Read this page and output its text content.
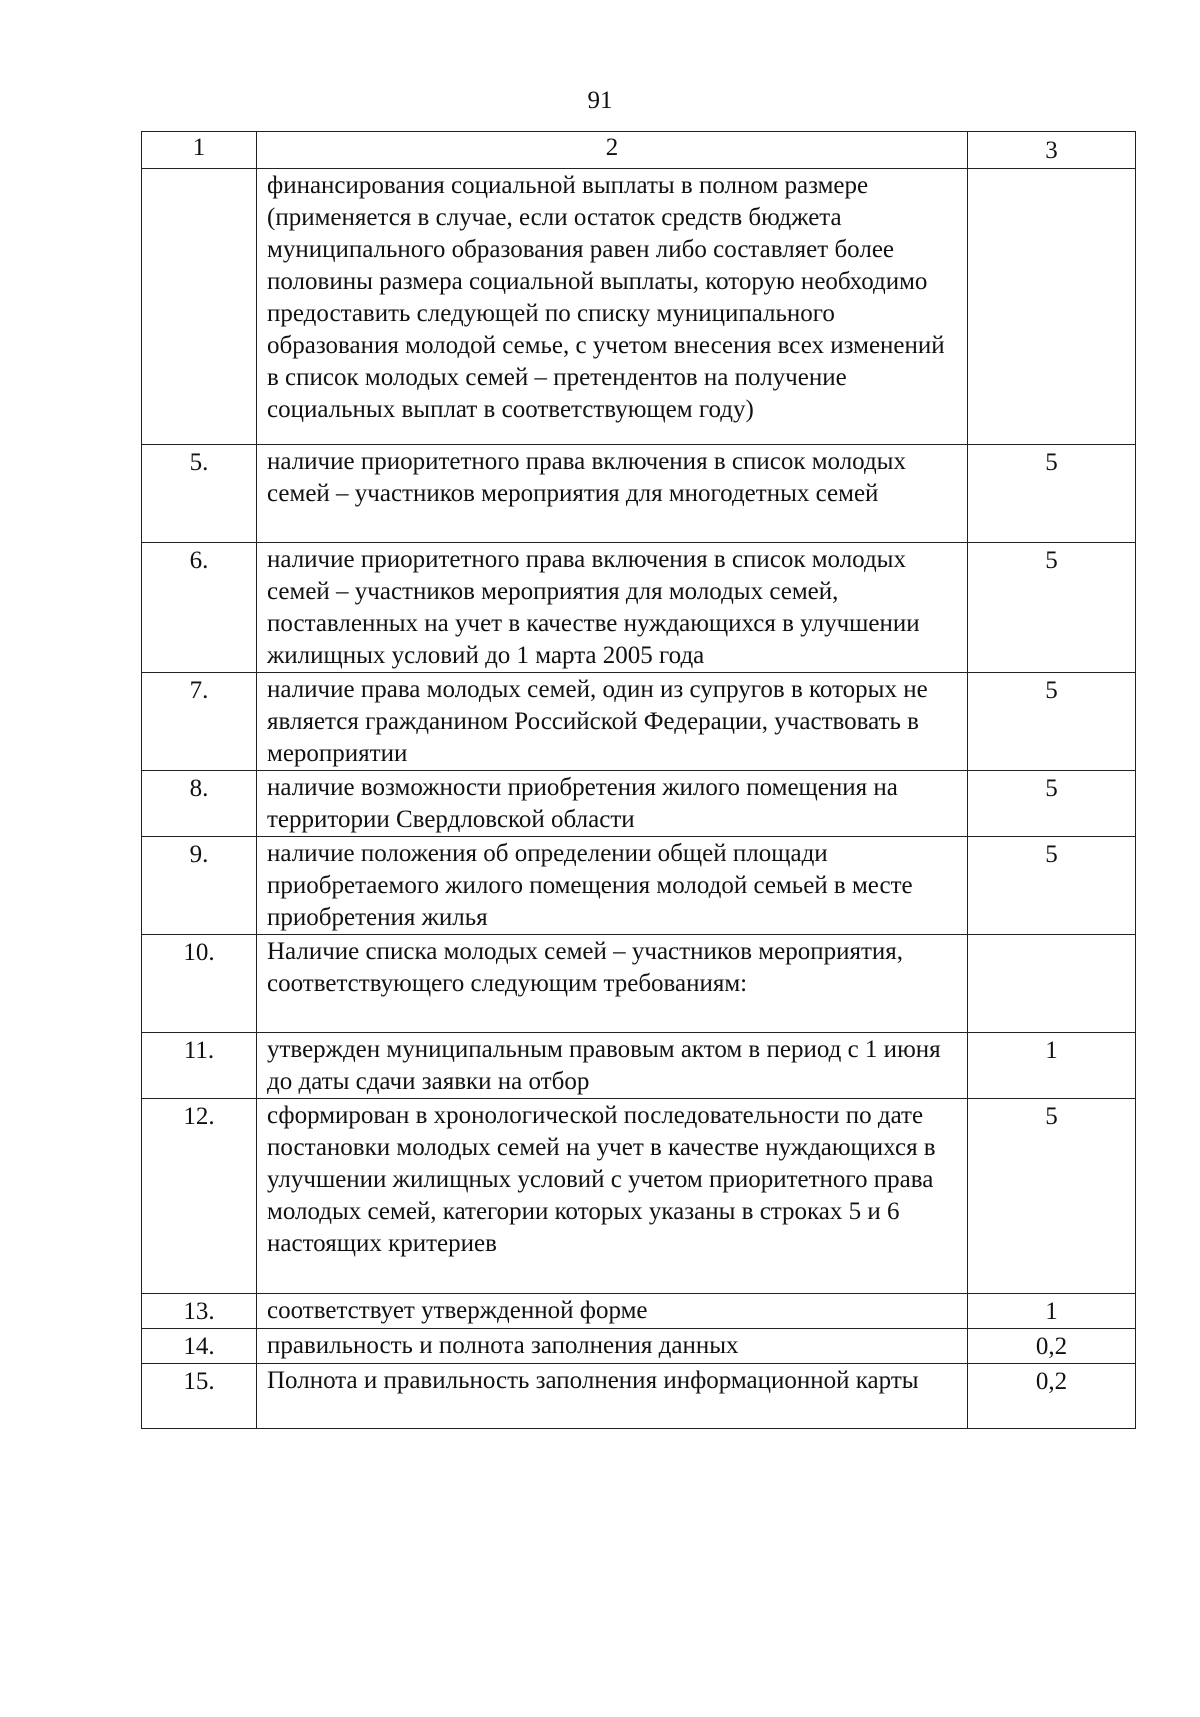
91
1	2	3
	финансирования социальной выплаты в полном размере (применяется в случае, если остаток средств бюджета муниципального образования равен либо составляет более половины размера социальной выплаты, которую необходимо предоставить следующей по списку муниципального образования молодой семье, с учетом внесения всех изменений в список молодых семей – претендентов на получение социальных выплат в соответствующем году)	
5.	наличие приоритетного права включения в список молодых семей – участников мероприятия для многодетных семей	5
6.	наличие приоритетного права включения в список молодых семей – участников мероприятия для молодых семей, поставленных на учет в качестве нуждающихся в улучшении жилищных условий до 1 марта 2005 года	5
7.	наличие права молодых семей, один из супругов в которых не является гражданином Российской Федерации, участвовать в мероприятии	5
8.	наличие возможности приобретения жилого помещения на территории Свердловской области	5
9.	наличие положения об определении общей площади приобретаемого жилого помещения молодой семьей в месте приобретения жилья	5
10.	Наличие списка молодых семей – участников мероприятия, соответствующего следующим требованиям:	
11.	утвержден муниципальным правовым актом в период с 1 июня до даты сдачи заявки на отбор	1
12.	сформирован в хронологической последовательности по дате постановки молодых семей на учет в качестве нуждающихся в улучшении жилищных условий с учетом приоритетного права молодых семей, категории которых указаны в строках 5 и 6 настоящих критериев	5
13.	соответствует утвержденной форме	1
14.	правильность и полнота заполнения данных	0,2
15.	Полнота и правильность заполнения информационной карты	0,2
